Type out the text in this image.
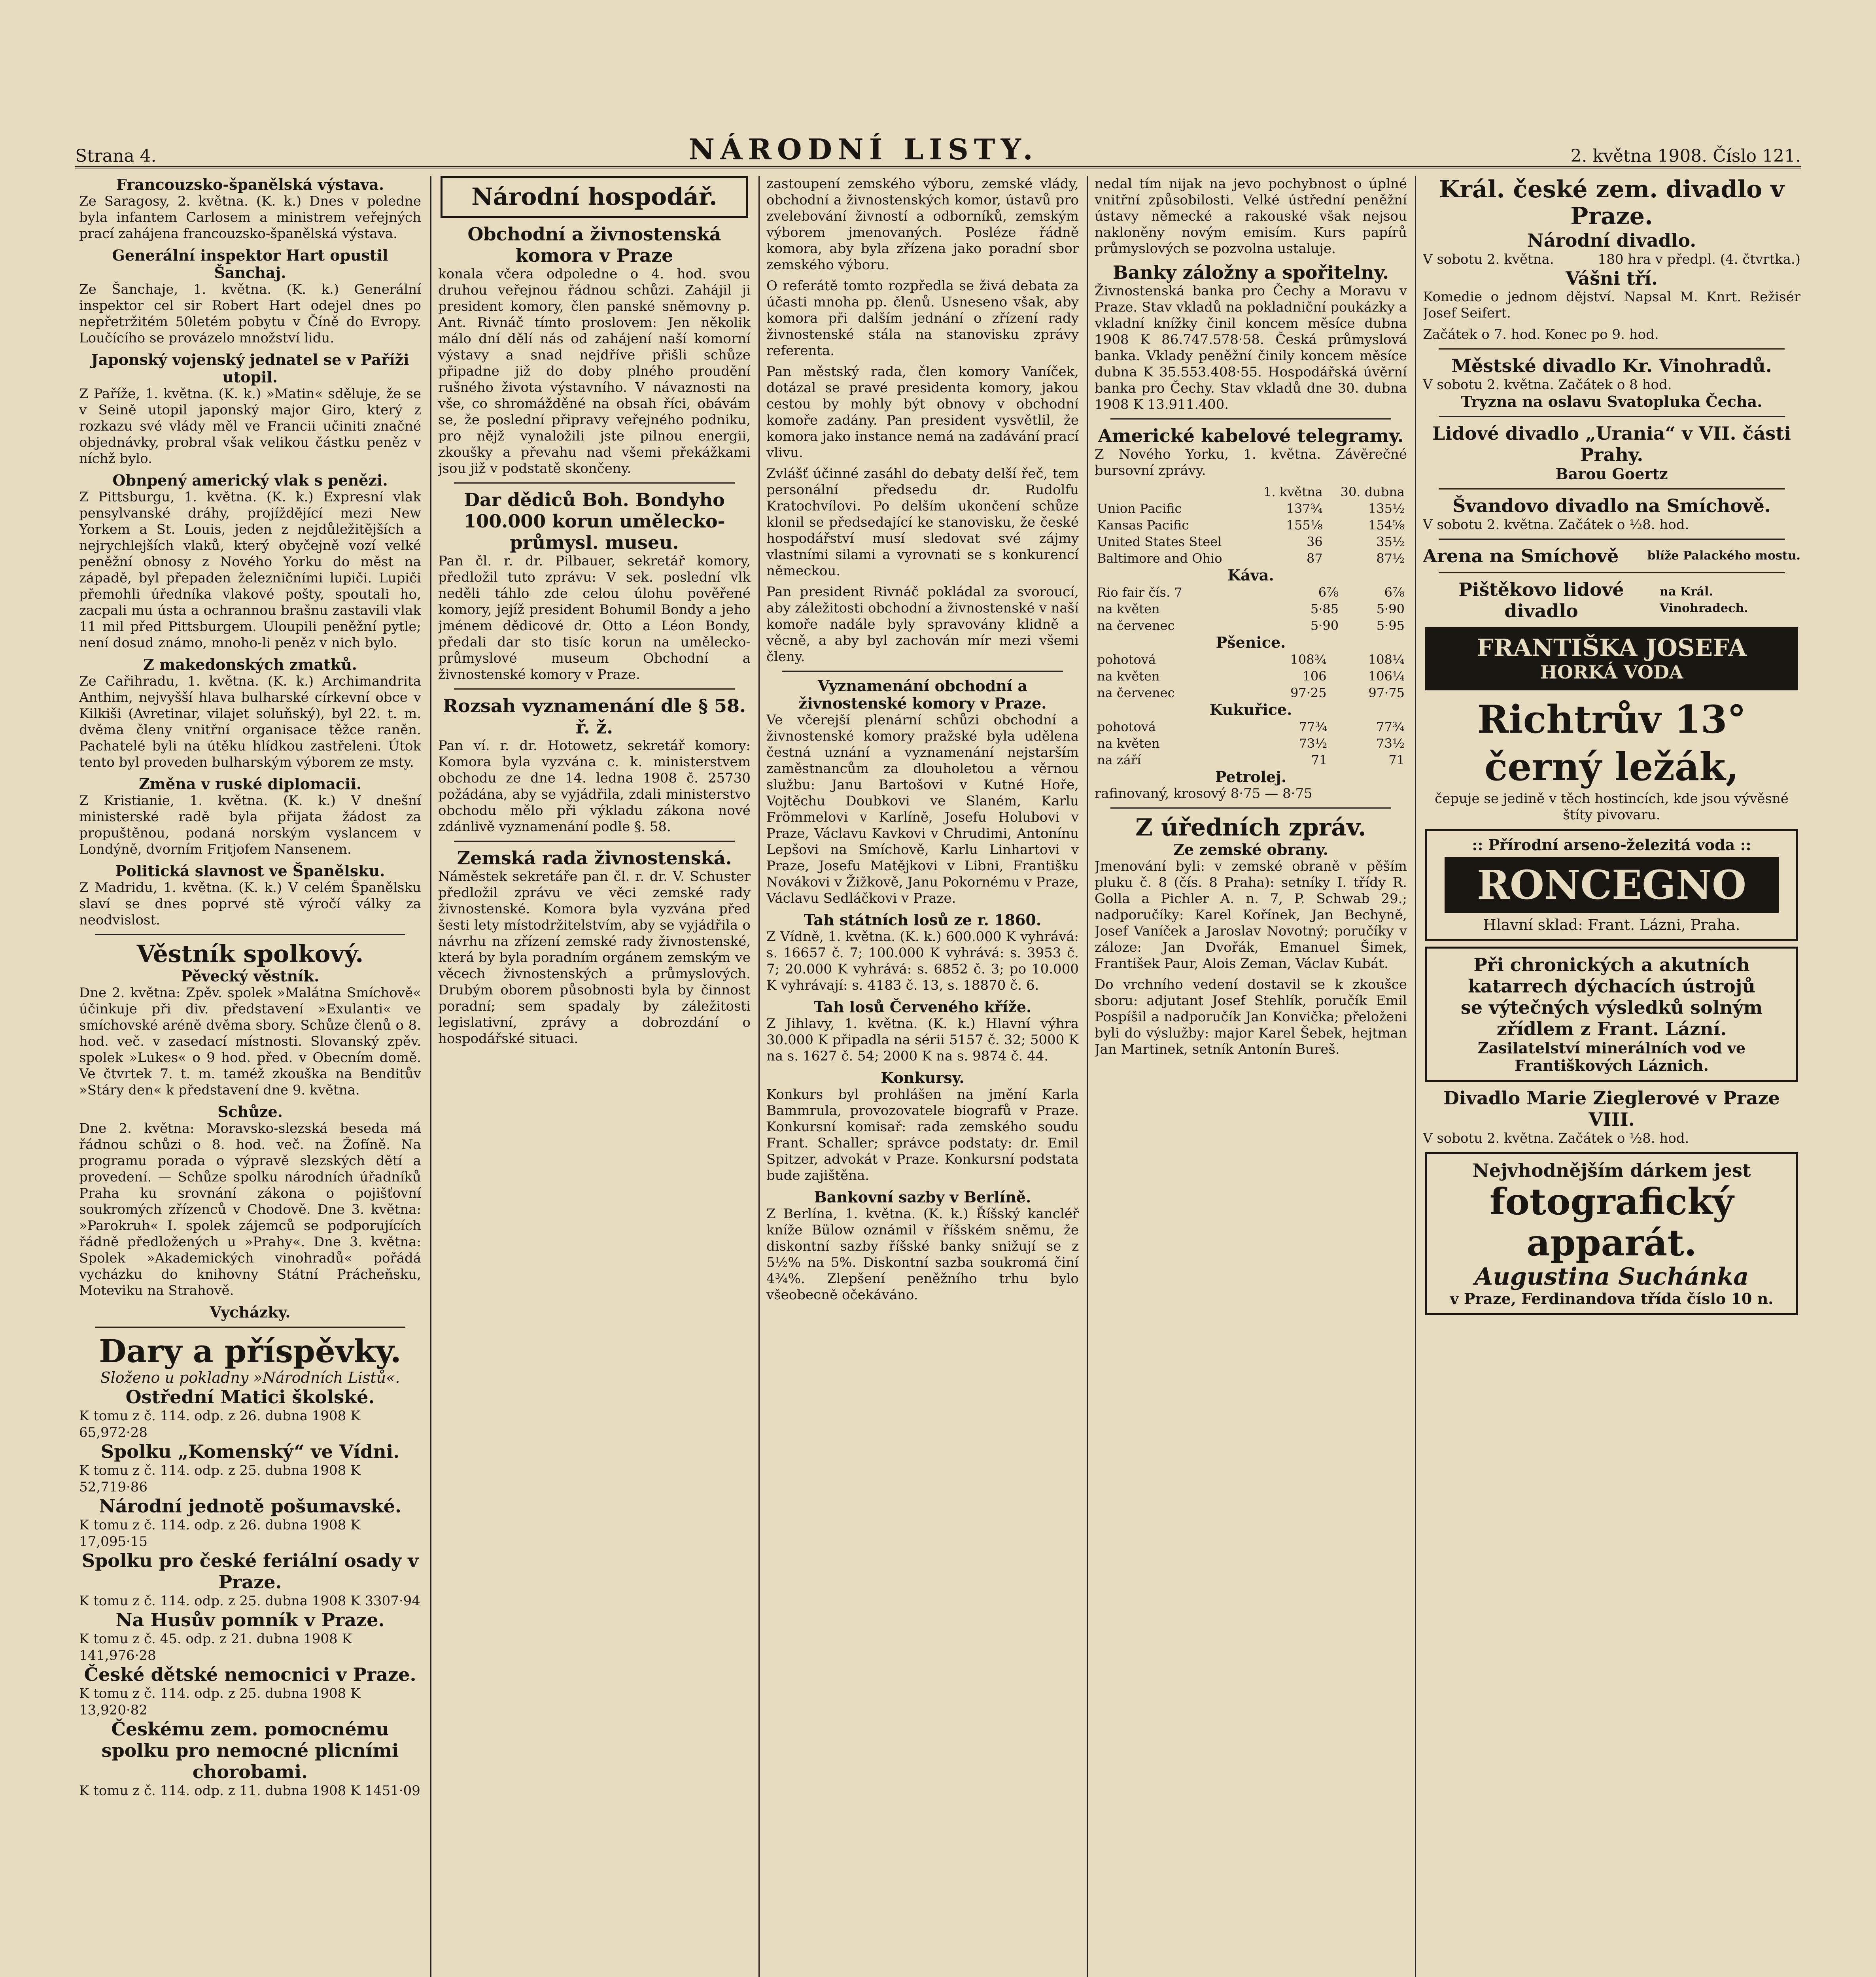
Strana 4.	NÁRODNÍ LISTY.	2. května 1908. Číslo 121.
Francouzsko-španělská výstava.

Ze Saragosy, 2. května. (K. k.) Dnes v poledne byla infantem Carlosem a ministrem veřejných prací zahájena francouzsko-španělská výstava.

Generální inspektor Hart opustil Šanchaj.

Ze Šanchaje, 1. května. (K. k.) Generální inspektor cel sir Robert Hart odejel dnes po nepřetržitém 50letém pobytu v Číně do Evropy. Loučícího se provázelo množství lidu.

Japonský vojenský jednatel se v Paříži utopil.

Z Paříže, 1. května. (K. k.) »Matin« sděluje, že se v Seině utopil japonský major Giro, který z rozkazu své vlády měl ve Francii učiniti značné objednávky, probral však velikou částku peněz v níchž bylo.

Obnpený americký vlak s penězi.

Z Pittsburgu, 1. května. (K. k.) Expresní vlak pensylvanské dráhy, projíždějící mezi New Yorkem a St. Louis, jeden z nejdůležitějších a nejrychlejších vlaků, který obyčejně vozí velké peněžní obnosy z Nového Yorku do měst na západě, byl přepaden železničními lupiči. Lupiči přemohli úředníka vlakové pošty, spoutali ho, zacpali mu ústa a ochrannou brašnu zastavili vlak 11 mil před Pittsburgem. Uloupili peněžní pytle; není dosud známo, mnoho-li peněz v nich bylo.

Z makedonských zmatků.

Ze Cařihradu, 1. května. (K. k.) Archimandrita Anthim, nejvyšší hlava bulharské církevní obce v Kilkiši (Avretinar, vilajet soluňský), byl 22. t. m. dvěma členy vnitřní organisace těžce raněn. Pachatelé byli na útěku hlídkou zastřeleni. Útok tento byl proveden bulharským výborem ze msty.

Změna v ruské diplomacii.

Z Kristianie, 1. května. (K. k.) V dnešní ministerské radě byla přijata žádost za propuštěnou, podaná norským vyslancem v Londýně, dvorním Fritjofem Nansenem.

Politická slavnost ve Španělsku.

Z Madridu, 1. května. (K. k.) V celém Španělsku slaví se dnes poprvé stě výročí války za neodvislost.

Věstník spolkový.
Pěvecký věstník.

Dne 2. května: Zpěv. spolek »Malátna Smíchově« účinkuje při div. představení »Exulanti« ve smíchovské aréně dvěma sbory. Schůze členů o 8. hod. več. v zasedací místnosti. Slovanský zpěv. spolek »Lukes« o 9 hod. před. v Obecním domě. Ve čtvrtek 7. t. m. taméž zkouška na Benditův »Stáry den« k představení dne 9. května.

Schůze.

Dne 2. května: Moravsko-slezská beseda má řádnou schůzi o 8. hod. več. na Žofíně. Na programu porada o výpravě slezských dětí a provedení. — Schůze spolku národních úřadníků Praha ku srovnání zákona o pojišťovní soukromých zřízenců v Chodově. Dne 3. května: »Parokruh« I. spolek zájemců se podporujících řádně předložených u »Prahy«. Dne 3. května: Spolek »Akademických vinohradů« pořádá vycházku do knihovny Státní Prácheňsku, Moteviku na Strahově.

Vycházky.
Dary a příspěvky.
Složeno u pokladny »Národních Listů«.
Ostřední Matici školské.
K tomu z č. 114. odp. z 26. dubna 1908 K 65,972·28
Spolku „Komenský“ ve Vídni.
K tomu z č. 114. odp. z 25. dubna 1908 K 52,719·86
Národní jednotě pošumavské.
K tomu z č. 114. odp. z 26. dubna 1908 K 17,095·15
Spolku pro české feriální osady v Praze.
K tomu z č. 114. odp. z 25. dubna 1908 K 3307·94
Na Husův pomník v Praze.
K tomu z č. 45. odp. z 21. dubna 1908 K 141,976·28
České dětské nemocnici v Praze.
K tomu z č. 114. odp. z 25. dubna 1908 K 13,920·82
Českému zem. pomocnému spolku pro nemocné plicními chorobami.
K tomu z č. 114. odp. z 11. dubna 1908 K 1451·09
Národní hospodář.
Obchodní a živnostenská komora v Praze

konala včera odpoledne o 4. hod. svou druhou veřejnou řádnou schůzi. Zahájil ji president komory, člen panské sněmovny p. Ant. Rivnáč tímto proslovem: Jen několik málo dní dělí nás od zahájení naší komorní výstavy a snad nejdříve přišli schůze připadne již do doby plného proudění rušného života výstavního. V návaznosti na vše, co shromážděné na obsah říci, obávám se, že poslední připravy veřejného podniku, pro nějž vynaložili jste pilnou energii, zkoušky a převahu nad všemi překážkami jsou již v podstatě skončeny.

Dar dědiců Boh. Bondyho 100.000 korun umělecko-průmysl. museu.

Pan čl. r. dr. Pilbauer, sekretář komory, předložil tuto zprávu: V sek. poslední vlk neděli táhlo zde celou úlohu pověřené komory, jejíž president Bohumil Bondy a jeho jménem dědicové dr. Otto a Léon Bondy, předali dar sto tisíc korun na umělecko-průmyslové museum Obchodní a živnostenské komory v Praze.

Rozsah vyznamenání dle § 58. ř. ž.

Pan ví. r. dr. Hotowetz, sekretář komory: Komora byla vyzvána c. k. ministerstvem obchodu ze dne 14. ledna 1908 č. 25730 požádána, aby se vyjádřila, zdali ministerstvo obchodu mělo při výkladu zákona nové zdánlivě vyznamenání podle §. 58.

Zemská rada živnostenská.

Náměstek sekretáře pan čl. r. dr. V. Schuster předložil zprávu ve věci zemské rady živnostenské. Komora byla vyzvána před šesti lety místodržitelstvím, aby se vyjádřila o návrhu na zřízení zemské rady živnostenské, která by byla poradním orgánem zemským ve věcech živnostenských a průmyslových. Drubým oborem působnosti byla by činnost poradní; sem spadaly by záležitosti legislativní, zprávy a dobrozdání o hospodářské situaci.

zastoupení zemského výboru, zemské vlády, obchodní a živnostenských komor, ústavů pro zvelebování živností a odborníků, zemským výborem jmenovaných. Posléze řádně komora, aby byla zřízena jako poradní sbor zemského výboru.

O referátě tomto rozpředla se živá debata za účasti mnoha pp. členů. Usneseno však, aby komora při dalším jednání o zřízení rady živnostenské stála na stanovisku zprávy referenta.

Pan městský rada, člen komory Vaníček, dotázal se pravé presidenta komory, jakou cestou by mohly být obnovy v obchodní komoře zadány. Pan president vysvětlil, že komora jako instance nemá na zadávání prací vlivu.

Zvlášť účinné zasáhl do debaty delší řeč, tem personální předsedu dr. Rudolfu Kratochvílovi. Po delším ukončení schůze klonil se předsedající ke stanovisku, že české hospodářství musí sledovat své zájmy vlastními silami a vyrovnati se s konkurencí německou.

Pan president Rivnáč pokládal za svoroucí, aby záležitosti obchodní a živnostenské v naší komoře nadále byly spravovány klidně a věcně, a aby byl zachován mír mezi všemi členy.

Vyznamenání obchodní a živnostenské komory v Praze.

Ve včerejší plenární schůzi obchodní a živnostenské komory pražské byla udělena čestná uznání a vyznamenání nejstarším zaměstnancům za dlouholetou a věrnou službu: Janu Bartošovi v Kutné Hoře, Vojtěchu Doubkovi ve Slaném, Karlu Frömmelovi v Karlíně, Josefu Holubovi v Praze, Václavu Kavkovi v Chrudimi, Antonínu Lepšovi na Smíchově, Karlu Linhartovi v Praze, Josefu Matějkovi v Libni, Františku Novákovi v Žižkově, Janu Pokornému v Praze, Václavu Sedláčkovi v Praze.

Tah státních losů ze r. 1860.

Z Vídně, 1. května. (K. k.) 600.000 K vyhrává: s. 16657 č. 7; 100.000 K vyhrává: s. 3953 č. 7; 20.000 K vyhrává: s. 6852 č. 3; po 10.000 K vyhrávají: s. 4183 č. 13, s. 18870 č. 6.

Tah losů Červeného kříže.

Z Jihlavy, 1. května. (K. k.) Hlavní výhra 30.000 K připadla na sérii 5157 č. 32; 5000 K na s. 1627 č. 54; 2000 K na s. 9874 č. 44.

Konkursy.

Konkurs byl prohlášen na jmění Karla Bammrula, provozovatele biografů v Praze. Konkursní komisař: rada zemského soudu Frant. Schaller; správce podstaty: dr. Emil Spitzer, advokát v Praze. Konkursní podstata bude zajištěna.

Bankovní sazby v Berlíně.

Z Berlína, 1. května. (K. k.) Říšský kancléř kníže Bülow oznámil v říšském sněmu, že diskontní sazby říšské banky snižují se z 5½% na 5%. Diskontní sazba soukromá činí 4¾%. Zlepšení peněžního trhu bylo všeobecně očekáváno.

nedal tím nijak na jevo pochybnost o úplné vnitřní způsobilosti. Velké ústřední peněžní ústavy německé a rakouské však nejsou nakloněny novým emisím. Kurs papírů průmyslových se pozvolna ustaluje.

Banky záložny a spořitelny.

Živnostenská banka pro Čechy a Moravu v Praze. Stav vkladů na pokladniční poukázky a vkladní knížky činil koncem měsíce dubna 1908 K 86.747.578·58. Česká průmyslová banka. Vklady peněžní činily koncem měsíce dubna K 35.553.408·55. Hospodářská úvěrní banka pro Čechy. Stav vkladů dne 30. dubna 1908 K 13.911.400.

Americké kabelové telegramy.

Z Nového Yorku, 1. května. Závěrečné bursovní zprávy.

	1. května	30. dubna
Union Pacific	137¾	135½
Kansas Pacific	155⅛	154⅝
United States Steel	36	35½
Baltimore and Ohio	87	87½
Káva.
Rio fair čís. 7	6⅞	6⅞
na květen	5·85	5·90
na červenec	5·90	5·95
Pšenice.
pohotová	108¾	108¼
na květen	106	106¼
na červenec	97·25	97·75
Kukuřice.
pohotová	77¾	77¾
na květen	73½	73½
na září	71	71
Petrolej.

rafinovaný, krosový 8·75 — 8·75

Z úředních zpráv.
Ze zemské obrany.

Jmenování byli: v zemské obraně v pěším pluku č. 8 (čís. 8 Praha): setníky I. třídy R. Golla a Pichler A. n. 7, P. Schwab 29.; nadporučíky: Karel Kořínek, Jan Bechyně, Josef Vaníček a Jaroslav Novotný; poručíky v záloze: Jan Dvořák, Emanuel Šimek, František Paur, Alois Zeman, Václav Kubát.

Do vrchního vedení dostavil se k zkoušce sboru: adjutant Josef Stehlík, poručík Emil Pospíšil a nadporučík Jan Konvička; přeloženi byli do výslužby: major Karel Šebek, hejtman Jan Martinek, setník Antonín Bureš.

Král. české zem. divadlo v Praze.
Národní divadlo.
V sobotu 2. května.	180 hra v předpl. (4. čtvrtka.)
Vášni tří.

Komedie o jednom dějství. Napsal M. Knrt. Režisér Josef Seifert.

Začátek o 7. hod. Konec po 9. hod.
Městské divadlo Kr. Vinohradů.
V sobotu 2. května. Začátek o 8 hod.
Tryzna na oslavu Svatopluka Čecha.
Lidové divadlo „Urania“ v VII. části Prahy.
Barou Goertz
Švandovo divadlo na Smíchově.
V sobotu 2. května. Začátek o ½8. hod.
Arena na Smíchově blíže Palackého mostu.
Pištěkovo lidové divadlo
na Král. Vinohradech.
FRANTIŠKA JOSEFA
HORKÁ VODA
Richtrův 13° černý ležák,

čepuje se jedině v těch hostincích, kde jsou vývěsné štíty pivovaru.

:: Přírodní arseno-železitá voda ::
RONCEGNO
Hlavní sklad: Frant. Lázni, Praha.
Při chronických a akutních katarrech dýchacích ústrojů
se výtečných výsledků solným zřídlem z Frant. Lázní.
Zasilatelství minerálních vod ve Františkových Láznich.
Divadlo Marie Zieglerové v Praze VIII.
V sobotu 2. května. Začátek o ½8. hod.
Nejvhodnějším dárkem jest
fotografický apparát.
Augustina Suchánka
v Praze, Ferdinandova třída číslo 10 n.
